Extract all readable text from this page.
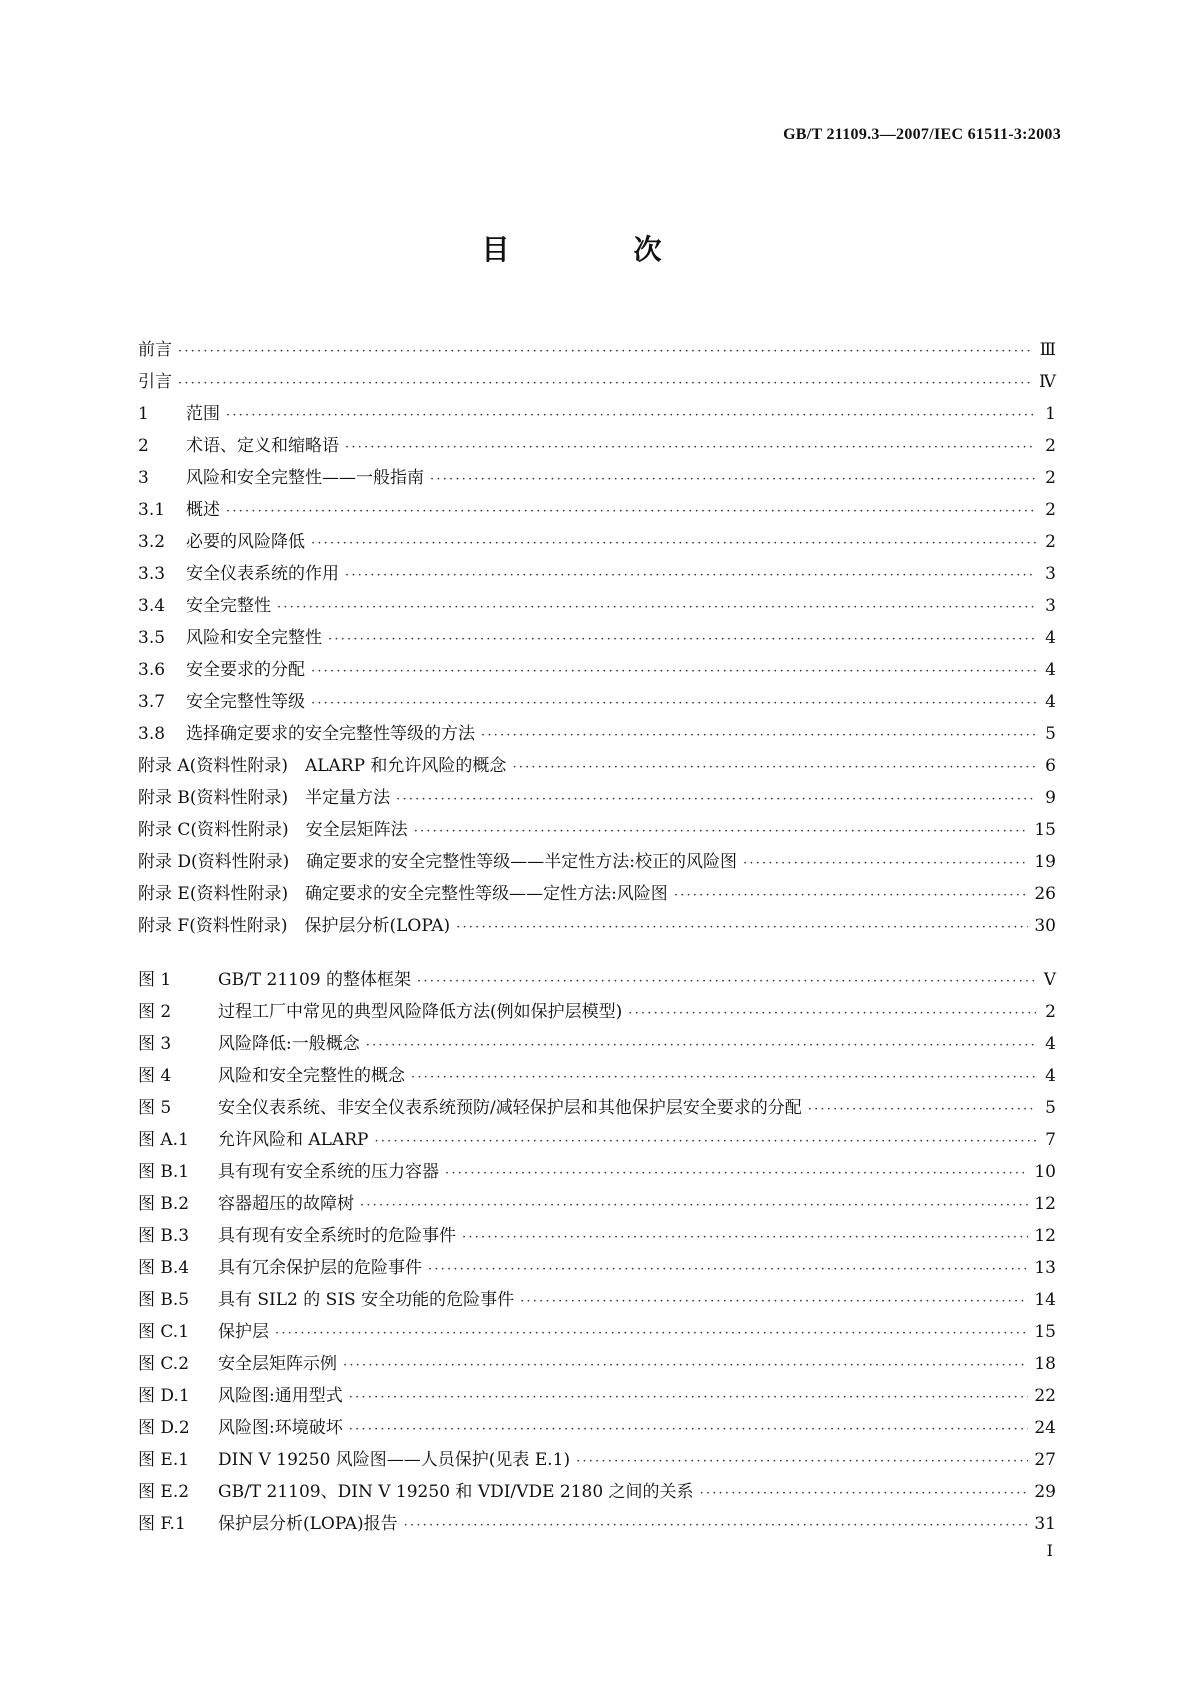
GB/T 21109.3—2007/IEC 61511-3:2003
目　次
前言 ·····	Ⅲ
引言 ·····	Ⅳ
1 范围 ·····	1
2 术语、定义和缩略语 ·····	2
3 风险和安全完整性——一般指南 ·····	2
3.1 概述 ·····	2
3.2 必要的风险降低 ·····	2
3.3 安全仪表系统的作用 ·····	3
3.4 安全完整性 ·····	3
3.5 风险和安全完整性 ·····	4
3.6 安全要求的分配 ·····	4
3.7 安全完整性等级 ·····	4
3.8 选择确定要求的安全完整性等级的方法 ·····	5
附录 A(资料性附录)　ALARP 和允许风险的概念 ·····	6
附录 B(资料性附录)　半定量方法 ·····	9
附录 C(资料性附录)　安全层矩阵法 ·····	15
附录 D(资料性附录)　确定要求的安全完整性等级——半定性方法:校正的风险图 ·····	19
附录 E(资料性附录)　确定要求的安全完整性等级——定性方法:风险图 ·····	26
附录 F(资料性附录)　保护层分析(LOPA) ·····	30
图 1	GB/T 21109 的整体框架 ·····	Ⅴ
图 2	过程工厂中常见的典型风险降低方法(例如保护层模型) ·····	2
图 3	风险降低:一般概念 ·····	4
图 4	风险和安全完整性的概念 ·····	4
图 5	安全仪表系统、非安全仪表系统预防/减轻保护层和其他保护层安全要求的分配 ·····	5
图 A.1 允许风险和 ALARP ·····	7
图 B.1 具有现有安全系统的压力容器 ·····	10
图 B.2 容器超压的故障树 ·····	12
图 B.3 具有现有安全系统时的危险事件 ·····	12
图 B.4 具有冗余保护层的危险事件 ·····	13
图 B.5 具有 SIL2 的 SIS 安全功能的危险事件 ·····	14
图 C.1 保护层 ·····	15
图 C.2 安全层矩阵示例 ·····	18
图 D.1 风险图:通用型式 ·····	22
图 D.2 风险图:环境破坏 ·····	24
图 E.1 DIN V 19250 风险图——人员保护(见表 E.1) ·····	27
图 E.2 GB/T 21109、DIN V 19250 和 VDI/VDE 2180 之间的关系 ·····	29
图 F.1 保护层分析(LOPA)报告 ·····	31
I
